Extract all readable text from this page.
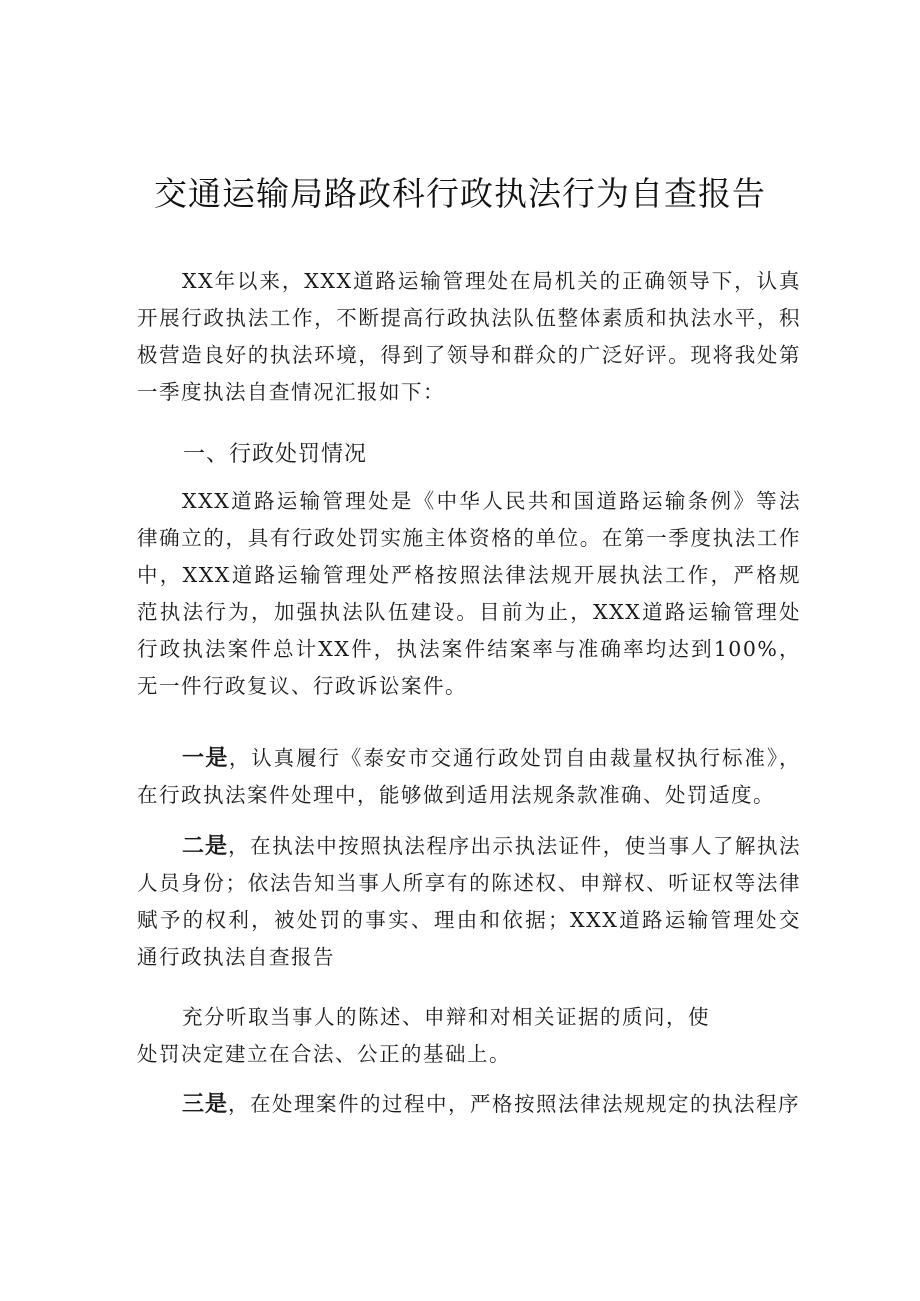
交通运输局路政科行政执法行为自查报告

XX年以来，XXX道路运输管理处在局机关的正确领导下，认真开展行政执法工作，不断提高行政执法队伍整体素质和执法水平，积极营造良好的执法环境，得到了领导和群众的广泛好评。现将我处第一季度执法自查情况汇报如下：

一、行政处罚情况

XXX道路运输管理处是《中华人民共和国道路运输条例》等法律确立的，具有行政处罚实施主体资格的单位。在第一季度执法工作中，XXX道路运输管理处严格按照法律法规开展执法工作，严格规范执法行为，加强执法队伍建设。目前为止，XXX道路运输管理处行政执法案件总计XX件，执法案件结案率与准确率均达到100%，无一件行政复议、行政诉讼案件。

一是，认真履行《泰安市交通行政处罚自由裁量权执行标准》，在行政执法案件处理中，能够做到适用法规条款准确、处罚适度。

二是，在执法中按照执法程序出示执法证件，使当事人了解执法人员身份；依法告知当事人所享有的陈述权、申辩权、听证权等法律赋予的权利，被处罚的事实、理由和依据；XXX道路运输管理处交通行政执法自查报告

充分听取当事人的陈述、申辩和对相关证据的质问，使
处罚决定建立在合法、公正的基础上。

三是，在处理案件的过程中，严格按照法律法规规定的执法程序
